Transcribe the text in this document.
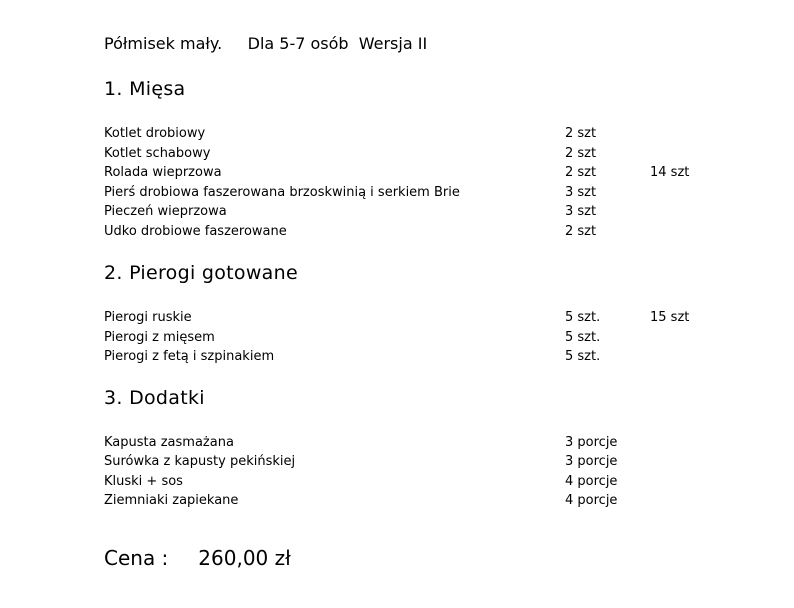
Półmisek mały. Dla 5-7 osób Wersja II
1. Mięsa
Kotlet drobiowy	2 szt
Kotlet schabowy	2 szt
Rolada wieprzowa	2 szt	14 szt
Pierś drobiowa faszerowana brzoskwinią i serkiem Brie	3 szt
Pieczeń wieprzowa	3 szt
Udko drobiowe faszerowane	2 szt
2. Pierogi gotowane
Pierogi ruskie	5 szt.	15 szt
Pierogi z mięsem	5 szt.
Pierogi z fetą i szpinakiem	5 szt.
3. Dodatki
Kapusta zasmażana	3 porcje
Surówka z kapusty pekińskiej	3 porcje
Kluski + sos	4 porcje
Ziemniaki zapiekane	4 porcje
Cena : 260,00 zł
